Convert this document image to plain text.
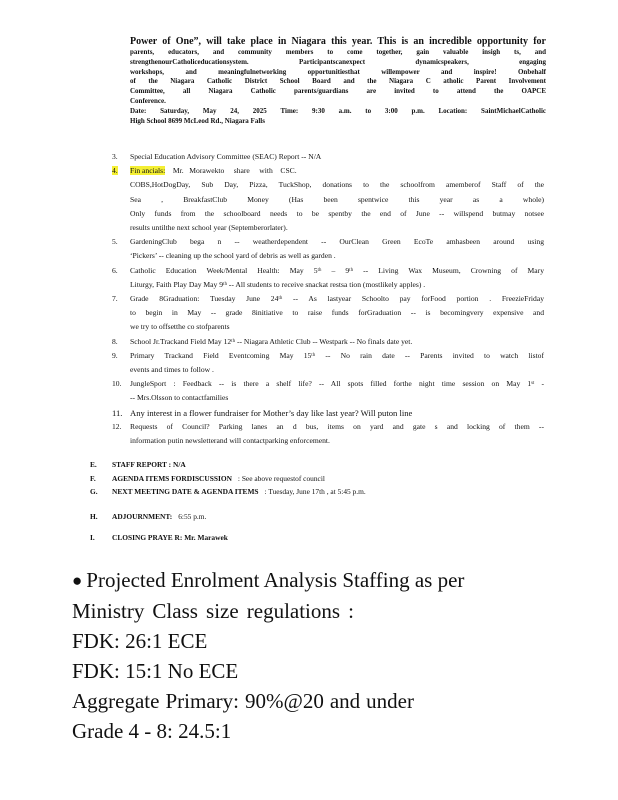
Power of One”, will take place in Niagara this year. This is an incredible opportunity for
parents, educators, and community members to come together, gain valuable insigh ts, and
strengthenourCatholiceducationsystem. Participantscanexpect dynamicspeakers, engaging
workshops, and meaningfulnetworking opportunitiesthat willempower and inspire! Onbehalf
of the Niagara Catholic District School Board and the Niagara C atholic Parent Involvement
Committee, all Niagara Catholic parents/guardians are invited to attend the OAPCE
Conference.
Date: Saturday, May 24, 2025 Time: 9:30 a.m. to 3:00 p.m. Location: SaintMichaelCatholic
High School 8699 McLeod Rd., Niagara Falls
3.	Special Education Advisory Committee (SEAC) Report -- N/A
4.	Fin ancials:    Mr.   Morawekto     share     with    CSC.
COBS,HotDogDay, Sub Day, Pizza, TuckShop, donations to the schoolfrom amemberof Staff of the
Sea , BreakfastClub Money (Has been spentwice this year as a whole)
Only funds from the schoolboard needs to be spentby the end of June -- willspend butmay notsee
results untilthe next school year (Septemberorlater).
5.	GardeningClub bega n -- weatherdependent -- OurClean Green EcoTe amhasbeen around using
‘Pickers’ -- cleaning up the school yard of debris as well as garden .
6.	Catholic Education Week/Mental Health: May 5ᵗʰ – 9ᵗʰ -- Living Wax Museum, Crowning of Mary
Liturgy, Faith Play Day May 9ᵗʰ -- All students to receive snackat restsa tion (mostlikely apples) .
7.	Grade 8Graduation: Tuesday June 24ᵗʰ -- As lastyear Schoolto pay forFood portion . FreezieFriday
to begin in May -- grade 8initiative to raise funds forGraduation -- is becomingvery expensive and
we try to offsetthe co stofparents
8.	School Jr.Trackand Field May 12ᵗʰ -- Niagara Athletic Club -- Westpark -- No finals date yet.
9.	Primary Trackand Field Eventcoming May 15ᵗʰ -- No rain date -- Parents invited to watch listof
events and times to follow .
10.	JungleSport : Feedback -- is there a shelf life? -- All spots filled forthe night time session on May 1ˢᵗ -
-- Mrs.Olsson to contactfamilies
11. Any interest in a flower fundraiser for Mother’s day like last year? Will puton line
12.	Requests of Council? Parking lanes an d bus, items on yard and gate s and locking of them --
information putin newsletterand will contactparking enforcement.
E.	STAFF REPORT : N/A
F.	AGENDA ITEMS FORDISCUSSION : See above requestof council
G.	NEXT MEETING DATE & AGENDA ITEMS : Tuesday, June 17th , at 5:45 p.m.
H.	ADJOURNMENT: 6:55 p.m.
I.	CLOSING PRAYE R: Mr. Marawek
● Projected Enrolment Analysis Staffing as per
Ministry Class size regulations :
FDK: 26:1 ECE
FDK: 15:1 No ECE
Aggregate Primary: 90%@20 and under
Grade 4 - 8: 24.5:1
